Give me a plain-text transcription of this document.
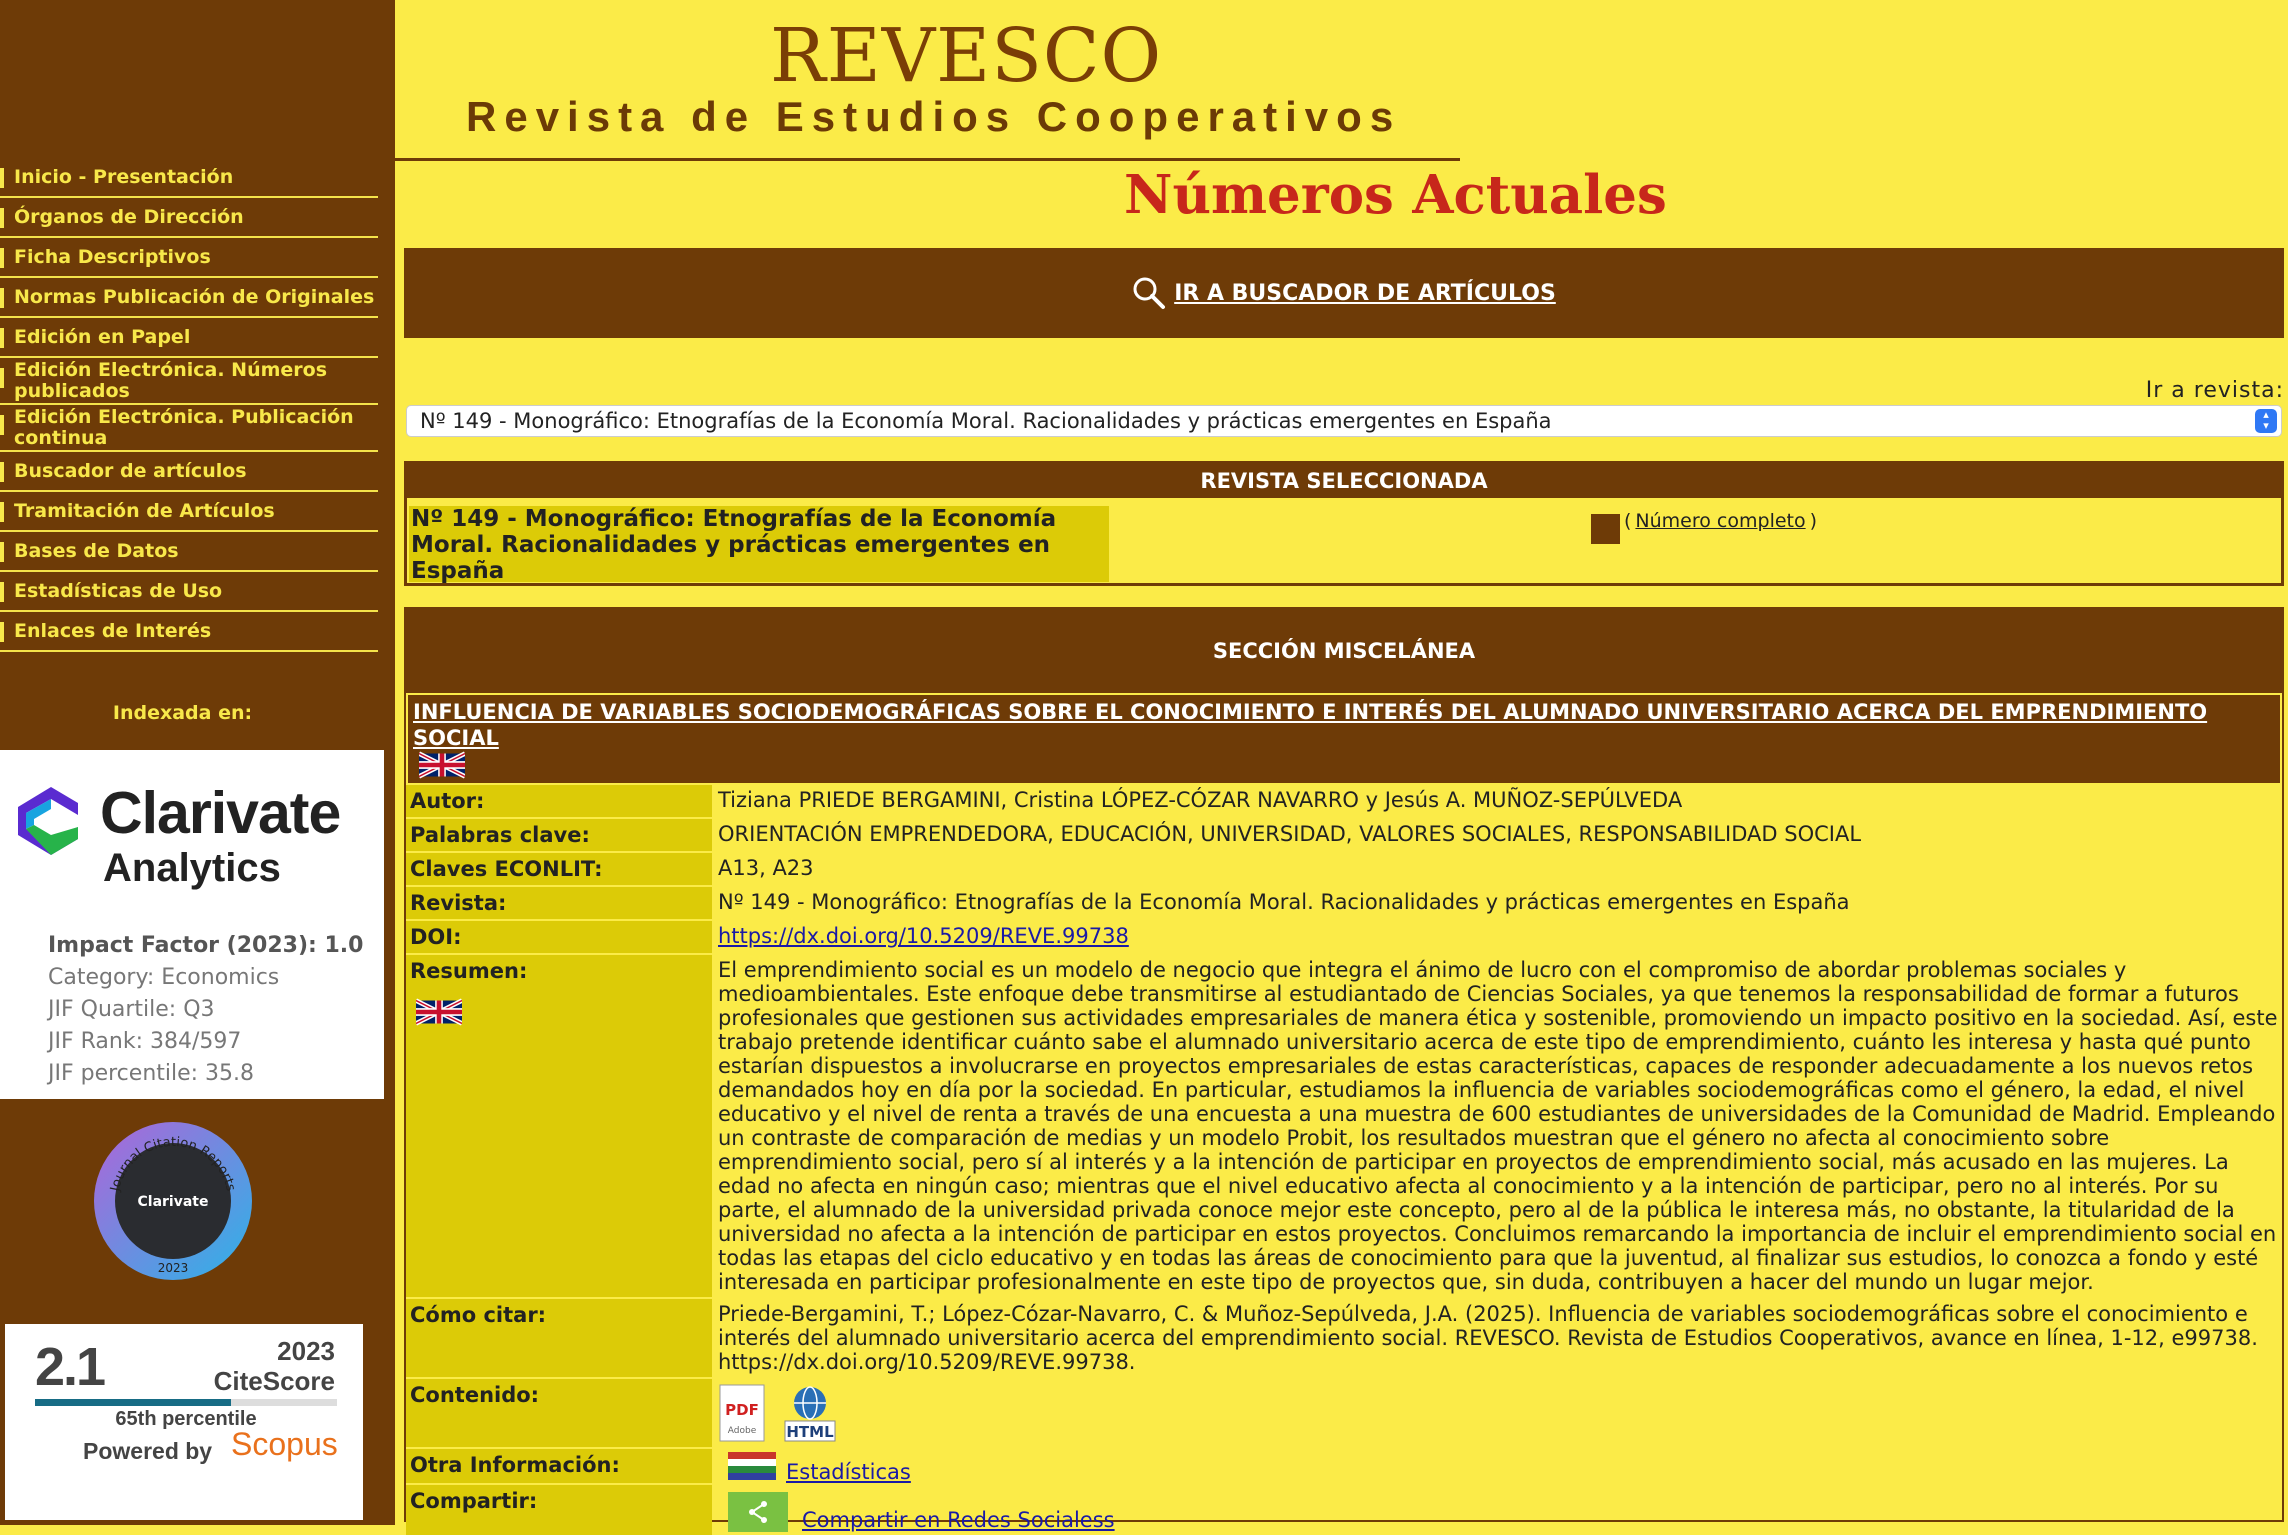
Inicio - Presentación
Órganos de Dirección
Ficha Descriptivos
Normas Publicación de Originales
Edición en Papel
Edición Electrónica. Números publicados
Edición Electrónica. Publicación continua
Buscador de artículos
Tramitación de Artículos
Bases de Datos
Estadísticas de Uso
Enlaces de Interés
Indexada en:
Clarivate
Analytics
Impact Factor (2023): 1.0
Category: Economics
JIF Quartile: Q3
JIF Rank: 384/597
JIF percentile: 35.8
Journal Citation Reports
Clarivate
2023
2.1	2023
CiteScore
65th percentile
Powered by Scopus
REVESCO
Revista de Estudios Cooperativos
Números Actuales
IR A BUSCADOR DE ARTÍCULOS
Ir a revista:
Nº 149 - Monográfico: Etnografías de la Economía Moral. Racionalidades y prácticas emergentes en España	▴
▾
REVISTA SELECCIONADA
Nº 149 - Monográfico: Etnografías de la Economía Moral. Racionalidades y prácticas emergentes en España
( Número completo )
SECCIÓN MISCELÁNEA
INFLUENCIA DE VARIABLES SOCIODEMOGRÁFICAS SOBRE EL CONOCIMIENTO E INTERÉS DEL ALUMNADO UNIVERSITARIO ACERCA DEL EMPRENDIMIENTO SOCIAL

Autor:	Tiziana PRIEDE BERGAMINI, Cristina LÓPEZ-CÓZAR NAVARRO y Jesús A. MUÑOZ-SEPÚLVEDA
Palabras clave:	ORIENTACIÓN EMPRENDEDORA, EDUCACIÓN, UNIVERSIDAD, VALORES SOCIALES, RESPONSABILIDAD SOCIAL
Claves ECONLIT:	A13, A23
Revista:	Nº 149 - Monográfico: Etnografías de la Economía Moral. Racionalidades y prácticas emergentes en España
DOI:	https://dx.doi.org/10.5209/REVE.99738
Resumen:	El emprendimiento social es un modelo de negocio que integra el ánimo de lucro con el compromiso de abordar problemas sociales y medioambientales. Este enfoque debe transmitirse al estudiantado de Ciencias Sociales, ya que tenemos la responsabilidad de formar a futuros profesionales que gestionen sus actividades empresariales de manera ética y sostenible, promoviendo un impacto positivo en la sociedad. Así, este trabajo pretende identificar cuánto sabe el alumnado universitario acerca de este tipo de emprendimiento, cuánto les interesa y hasta qué punto estarían dispuestos a involucrarse en proyectos empresariales de estas características, capaces de responder adecuadamente a los nuevos retos demandados hoy en día por la sociedad. En particular, estudiamos la influencia de variables sociodemográficas como el género, la edad, el nivel educativo y el nivel de renta a través de una encuesta a una muestra de 600 estudiantes de universidades de la Comunidad de Madrid. Empleando un contraste de comparación de medias y un modelo Probit, los resultados muestran que el género no afecta al conocimiento sobre emprendimiento social, pero sí al interés y a la intención de participar en proyectos de emprendimiento social, más acusado en las mujeres. La edad no afecta en ningún caso; mientras que el nivel educativo afecta al conocimiento y a la intención de participar, pero no al interés. Por su parte, el alumnado de la universidad privada conoce mejor este concepto, pero al de la pública le interesa más, no obstante, la titularidad de la universidad no afecta a la intención de participar en estos proyectos. Concluimos remarcando la importancia de incluir el emprendimiento social en todas las etapas del ciclo educativo y en todas las áreas de conocimiento para que la juventud, al finalizar sus estudios, lo conozca a fondo y esté interesada en participar profesionalmente en este tipo de proyectos que, sin duda, contribuyen a hacer del mundo un lugar mejor.
Cómo citar:	Priede-Bergamini, T.; López-Cózar-Navarro, C. & Muñoz-Sepúlveda, J.A. (2025). Influencia de variables sociodemográficas sobre el conocimiento e interés del alumnado universitario acerca del emprendimiento social. REVESCO. Revista de Estudios Cooperativos, avance en línea, 1-12, e99738. https://dx.doi.org/10.5209/REVE.99738.
Contenido:
PDF
Adobe HTML
Otra Información:	Estadísticas
Compartir:
Compartir en Redes Socialess
